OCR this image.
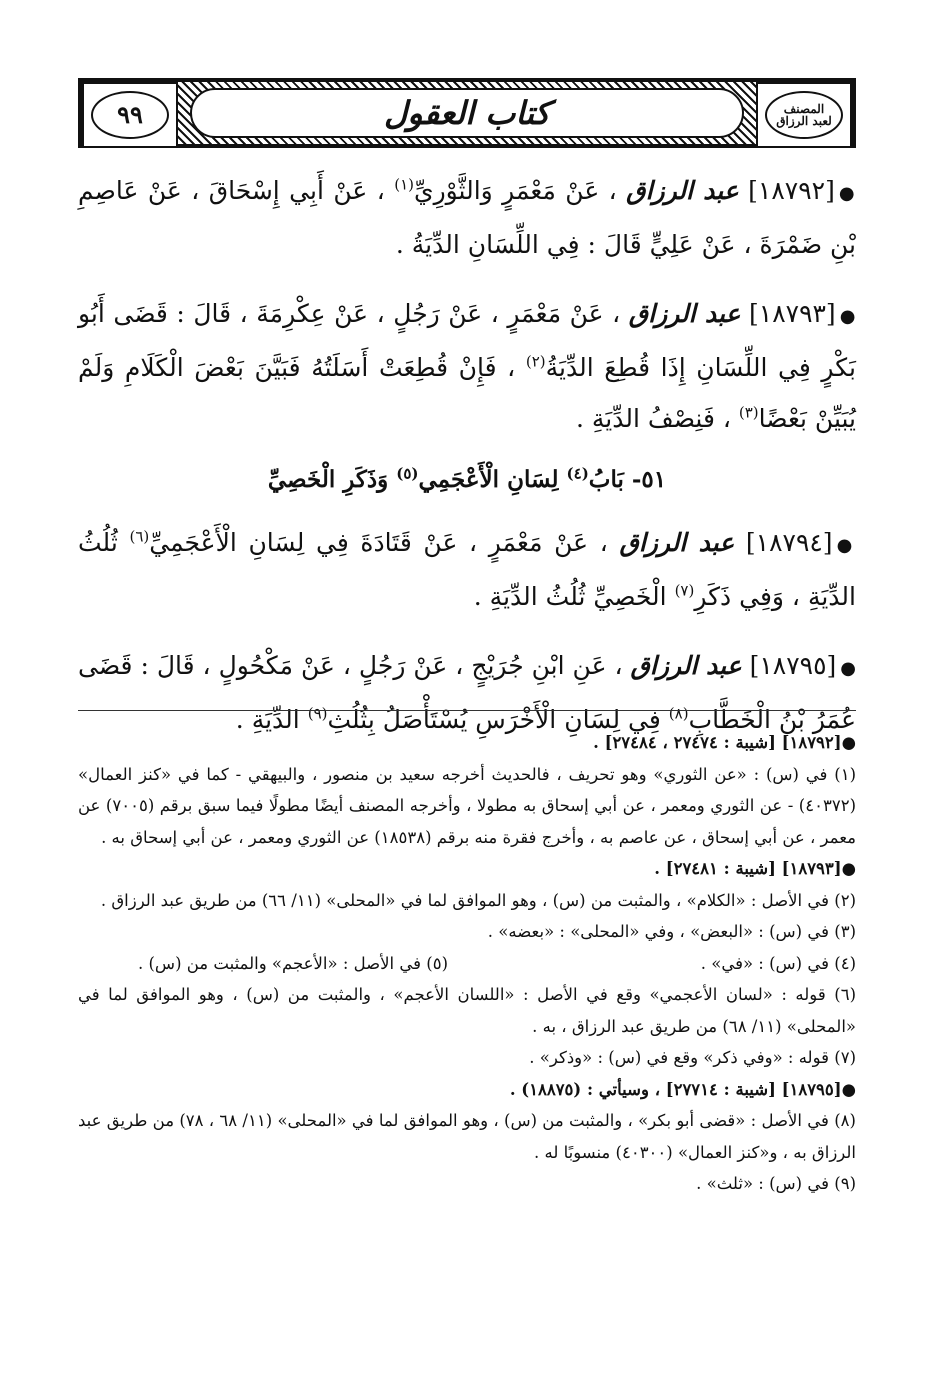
المصنف
لعبد الرزاق
٩٩	كتاب العقول

●[١٨٧٩٢] عبد الرزاق ، عَنْ مَعْمَرٍ وَالثَّوْرِيِّ$^{(١)}$ ، عَنْ أَبِي إِسْحَاقَ ، عَنْ عَاصِمِ بْنِ ضَمْرَةَ ، عَنْ عَلِيٍّ قَالَ : فِي اللِّسَانِ الدِّيَةُ .

●[١٨٧٩٣] عبد الرزاق ، عَنْ مَعْمَرٍ ، عَنْ رَجُلٍ ، عَنْ عِكْرِمَةَ ، قَالَ : قَضَى أَبُو بَكْرٍ فِي اللِّسَانِ إِذَا قُطِعَ الدِّيَةُ$^{(٢)}$ ، فَإِنْ قُطِعَتْ أَسَلَتُهُ فَبَيَّنَ بَعْضَ الْكَلَامِ وَلَمْ يُبَيِّنْ بَعْضًا$^{(٣)}$ ، فَنِصْفُ الدِّيَةِ .

٥١- بَابُ$^{(٤)}$ لِسَانِ الْأَعْجَمِي$^{(٥)}$ وَذَكَرِ الْخَصِيِّ

●[١٨٧٩٤] عبد الرزاق ، عَنْ مَعْمَرٍ ، عَنْ قَتَادَةَ فِي لِسَانِ الْأَعْجَمِيِّ$^{(٦)}$ ثُلُثُ الدِّيَةِ ، وَفِي ذَكَرِ$^{(٧)}$ الْخَصِيِّ ثُلُثُ الدِّيَةِ .

●[١٨٧٩٥] عبد الرزاق ، عَنِ ابْنِ جُرَيْجٍ ، عَنْ رَجُلٍ ، عَنْ مَكْحُولٍ ، قَالَ : قَضَى عُمَرُ بْنُ الْخَطَّابِ$^{(٨)}$ فِي لِسَانِ الْأَخْرَسِ يُسْتَأْصَلُ بِثُلُثِ$^{(٩)}$ الدِّيَةِ .

●[١٨٧٩٢] [شيبة : ٢٧٤٧٤ ، ٢٧٤٨٤] .

(١) في (س) : «عن الثوري» وهو تحريف ، فالحديث أخرجه سعيد بن منصور ، والبيهقي - كما في «كنز العمال» (٤٠٣٧٢) - عن الثوري ومعمر ، عن أبي إسحاق به مطولا ، وأخرجه المصنف أيضًا مطولًا فيما سبق برقم (٧٠٠٥) عن معمر ، عن أبي إسحاق ، عن عاصم به ، وأخرج فقرة منه برقم (١٨٥٣٨) عن الثوري ومعمر ، عن أبي إسحاق به .

●[١٨٧٩٣] [شيبة : ٢٧٤٨١] .

(٢) في الأصل : «الكلام» ، والمثبت من (س) ، وهو الموافق لما في «المحلى» (١١/ ٦٦) من طريق عبد الرزاق .

(٣) في (س) : «البعض» ، وفي «المحلى» : «بعضه» .

(٤) في (س) : «في» .
(٥) في الأصل : «الأعجم» والمثبت من (س) .

(٦) قوله : «لسان الأعجمي» وقع في الأصل : «اللسان الأعجم» ، والمثبت من (س) ، وهو الموافق لما في «المحلى» (١١/ ٦٨) من طريق عبد الرزاق ، به .

(٧) قوله : «وفي ذكر» وقع في (س) : «وذكر» .

●[١٨٧٩٥] [شيبة : ٢٧٧١٤] ، وسيأتي : (١٨٨٧٥) .

(٨) في الأصل : «قضى أبو بكر» ، والمثبت من (س) ، وهو الموافق لما في «المحلى» (١١/ ٦٨ ، ٧٨) من طريق عبد الرزاق به ، و«كنز العمال» (٤٠٣٠٠) منسوبًا له .

(٩) في (س) : «ثلث» .
